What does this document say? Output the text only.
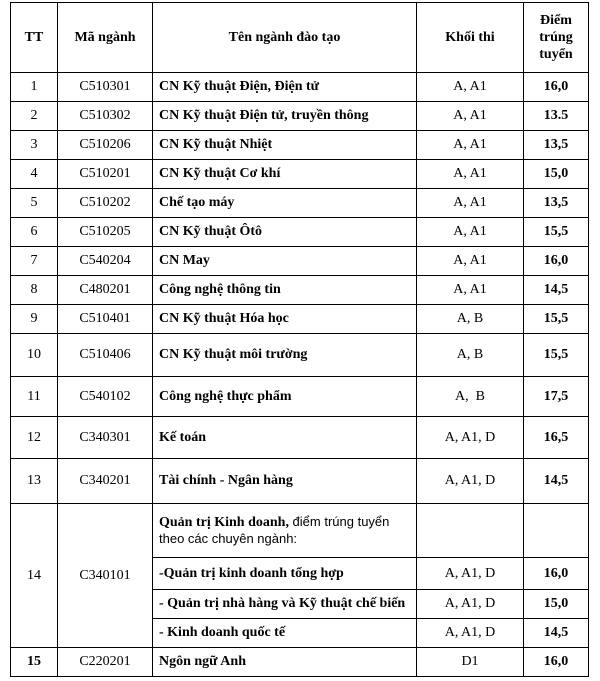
TT	Mã ngành	Tên ngành đào tạo	Khối thi	Điểm trúng tuyển
1	C510301	CN Kỹ thuật Điện, Điện tử	A, A1	16,0
2	C510302	CN Kỹ thuật Điện tử, truyền thông	A, A1	13.5
3	C510206	CN Kỹ thuật Nhiệt	A, A1	13,5
4	C510201	CN Kỹ thuật Cơ khí	A, A1	15,0
5	C510202	Chế tạo máy	A, A1	13,5
6	C510205	CN Kỹ thuật Ôtô	A, A1	15,5
7	C540204	CN May	A, A1	16,0
8	C480201	Công nghệ thông tin	A, A1	14,5
9	C510401	CN Kỹ thuật Hóa học	A, B	15,5
10	C510406	CN Kỹ thuật môi trường	A, B	15,5
11	C540102	Công nghệ thực phẩm	A,  B	17,5
12	C340301	Kế toán	A, A1, D	16,5
13	C340201	Tài chính - Ngân hàng	A, A1, D	14,5
14	C340101	Quản trị Kinh doanh, điểm trúng tuyển theo các chuyên ngành:		
		-Quản trị kinh doanh tổng hợp	A, A1, D	16,0
		- Quản trị nhà hàng và Kỹ thuật chế biến	A, A1, D	15,0
		- Kinh doanh quốc tế	A, A1, D	14,5
15	C220201	Ngôn ngữ Anh	D1	16,0
